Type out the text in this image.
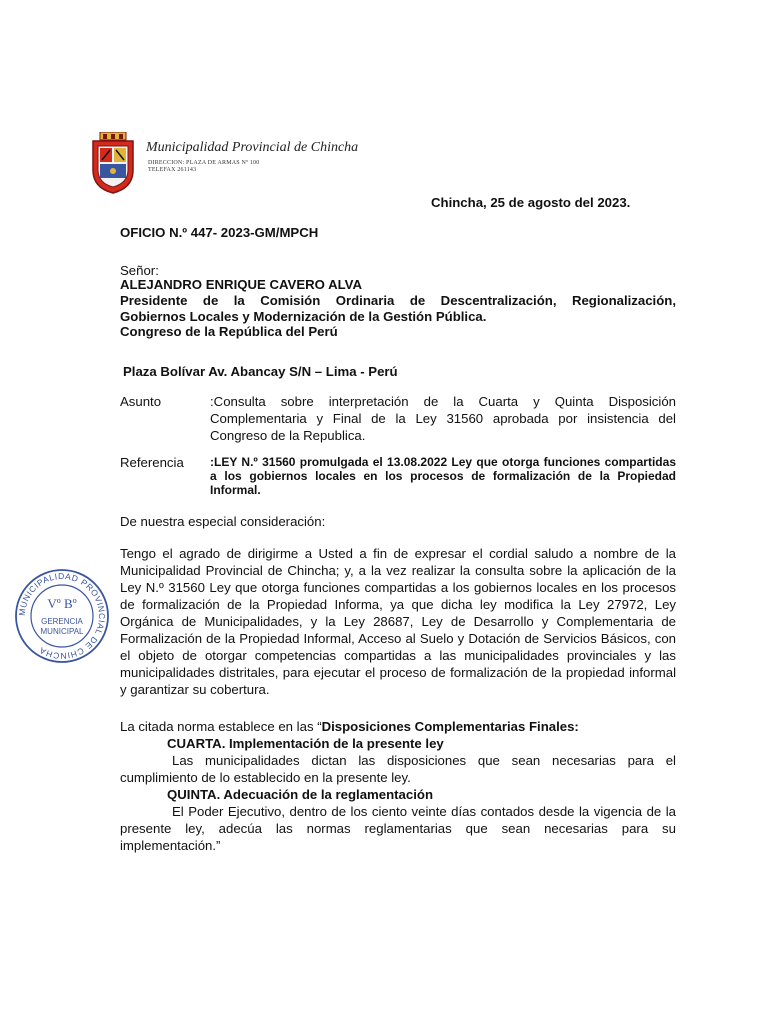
Municipalidad Provincial de Chincha
DIRECCION: PLAZA DE ARMAS Nº 100
TELEFAX 261143
Chincha, 25 de agosto del 2023.
OFICIO N.º 447- 2023-GM/MPCH
Señor:
ALEJANDRO ENRIQUE CAVERO ALVA
Presidente de la Comisión Ordinaria de Descentralización, Regionalización,
Gobiernos Locales y Modernización de la Gestión Pública.
Congreso de la República del Perú
Plaza Bolívar Av. Abancay S/N – Lima - Perú
Asunto	:Consulta sobre interpretación de la Cuarta y Quinta Disposición Complementaria y Final de la Ley 31560 aprobada por insistencia del Congreso de la Republica.
Referencia :LEY N.º 31560 promulgada el 13.08.2022 Ley que otorga funciones compartidas a los gobiernos locales en los procesos de formalización de la Propiedad Informal.
De nuestra especial consideración:
Tengo el agrado de dirigirme a Usted a fin de expresar el cordial saludo a nombre de la Municipalidad Provincial de Chincha; y, a la vez realizar la consulta sobre la aplicación de la Ley N.º 31560 Ley que otorga funciones compartidas a los gobiernos locales en los procesos de formalización de la Propiedad Informa, ya que dicha ley modifica la Ley 27972, Ley Orgánica de Municipalidades, y la Ley 28687, Ley de Desarrollo y Complementaria de Formalización de la Propiedad Informal, Acceso al Suelo y Dotación de Servicios Básicos, con el objeto de otorgar competencias compartidas a las municipalidades provinciales y las municipalidades distritales, para ejecutar el proceso de formalización de la propiedad informal y garantizar su cobertura.
La citada norma establece en las “Disposiciones Complementarias Finales:
CUARTA. Implementación de la presente ley
Las municipalidades dictan las disposiciones que sean necesarias para el cumplimiento de lo establecido en la presente ley.
QUINTA. Adecuación de la reglamentación
El Poder Ejecutivo, dentro de los ciento veinte días contados desde la vigencia de la presente ley, adecúa las normas reglamentarias que sean necesarias para su implementación.”
MUNICIPALIDAD PROVINCIAL DE CHINCHA
Vº Bº
GERENCIA
MUNICIPAL
